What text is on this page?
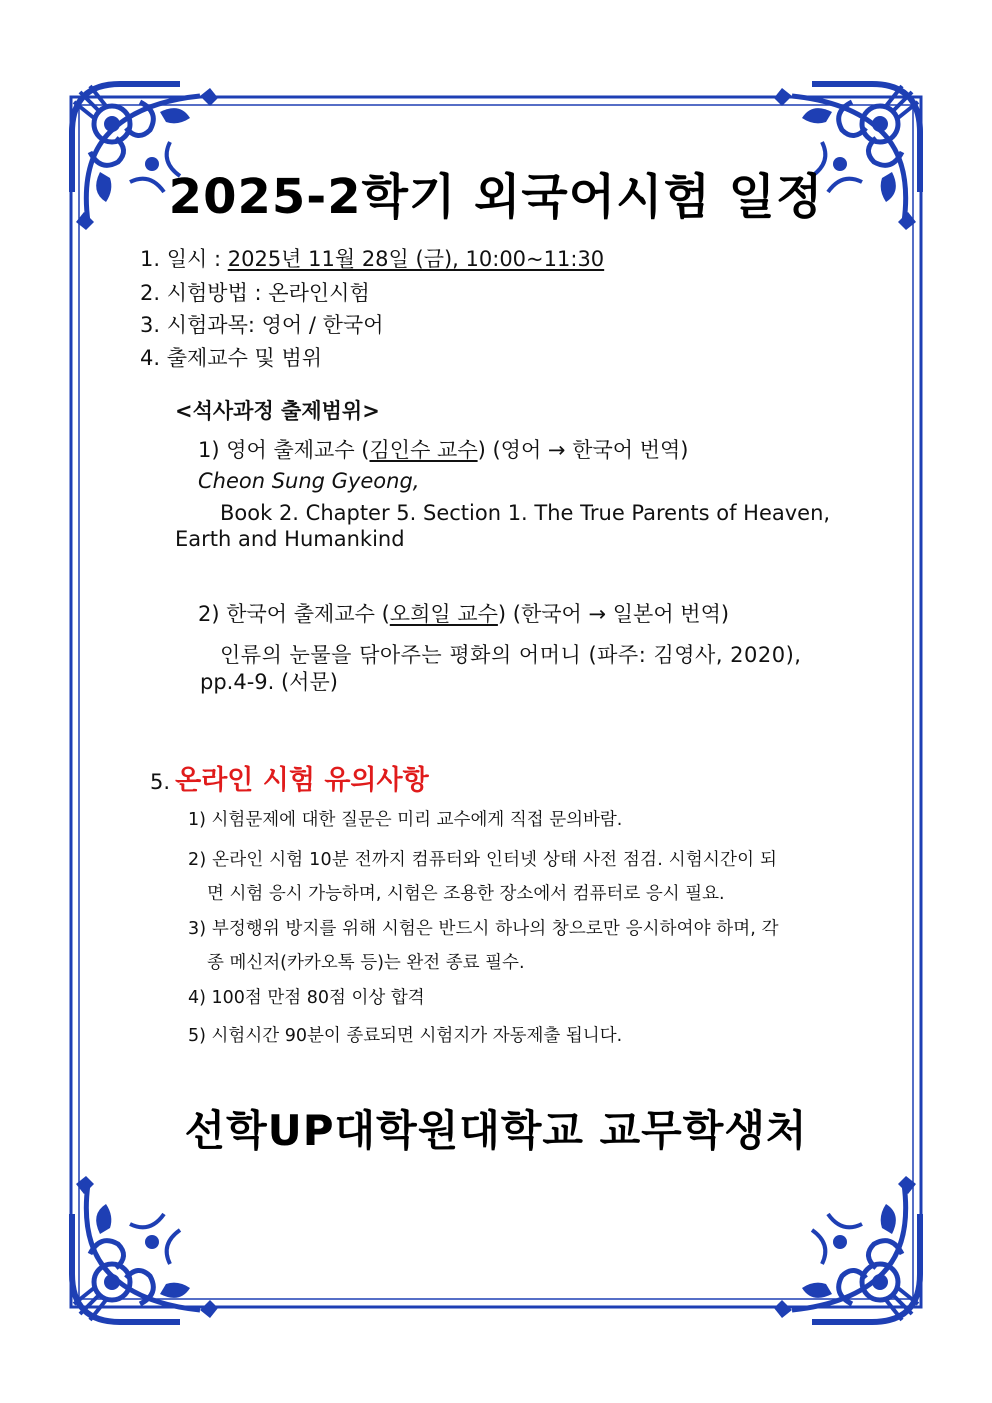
2025-2학기 외국어시험 일정
1. 일시 : 2025년 11월 28일 (금), 10:00~11:30
2. 시험방법 : 온라인시험
3. 시험과목: 영어 / 한국어
4. 출제교수 및 범위
<석사과정 출제범위>
1) 영어 출제교수 (김인수 교수) (영어 → 한국어 번역)
Cheon Sung Gyeong,
Book 2. Chapter 5. Section 1. The True Parents of Heaven,
Earth and Humankind
2) 한국어 출제교수 (오희일 교수) (한국어 → 일본어 번역)
인류의 눈물을 닦아주는 평화의 어머니 (파주: 김영사, 2020),
pp.4-9. (서문)
5. 온라인 시험 유의사항
1) 시험문제에 대한 질문은 미리 교수에게 직접 문의바람.
2) 온라인 시험 10분 전까지 컴퓨터와 인터넷 상태 사전 점검. 시험시간이 되
면 시험 응시 가능하며, 시험은 조용한 장소에서 컴퓨터로 응시 필요.
3) 부정행위 방지를 위해 시험은 반드시 하나의 창으로만 응시하여야 하며, 각
종 메신저(카카오톡 등)는 완전 종료 필수.
4) 100점 만점 80점 이상 합격
5) 시험시간 90분이 종료되면 시험지가 자동제출 됩니다.
선학UP대학원대학교 교무학생처
